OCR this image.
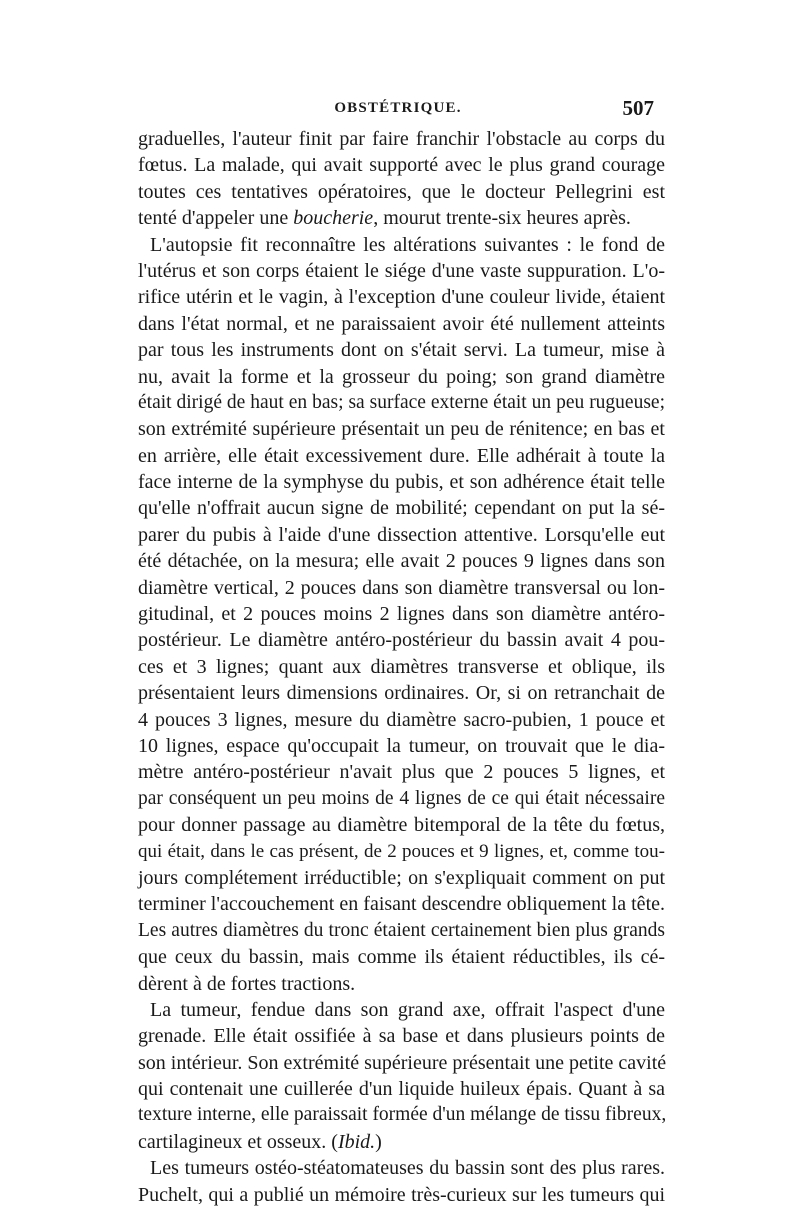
OBSTÉTRIQUE.	507
graduelles, l'auteur finit par faire franchir l'obstacle au corps du
fœtus. La malade, qui avait supporté avec le plus grand courage
toutes ces tentatives opératoires, que le docteur Pellegrini est
tenté d'appeler une boucherie, mourut trente-six heures après.
L'autopsie fit reconnaître les altérations suivantes : le fond de
l'utérus et son corps étaient le siége d'une vaste suppuration. L'o-
rifice utérin et le vagin, à l'exception d'une couleur livide, étaient
dans l'état normal, et ne paraissaient avoir été nullement atteints
par tous les instruments dont on s'était servi. La tumeur, mise à
nu, avait la forme et la grosseur du poing; son grand diamètre
était dirigé de haut en bas; sa surface externe était un peu rugueuse;
son extrémité supérieure présentait un peu de rénitence; en bas et
en arrière, elle était excessivement dure. Elle adhérait à toute la
face interne de la symphyse du pubis, et son adhérence était telle
qu'elle n'offrait aucun signe de mobilité; cependant on put la sé-
parer du pubis à l'aide d'une dissection attentive. Lorsqu'elle eut
été détachée, on la mesura; elle avait 2 pouces 9 lignes dans son
diamètre vertical, 2 pouces dans son diamètre transversal ou lon-
gitudinal, et 2 pouces moins 2 lignes dans son diamètre antéro-
postérieur. Le diamètre antéro-postérieur du bassin avait 4 pou-
ces et 3 lignes; quant aux diamètres transverse et oblique, ils
présentaient leurs dimensions ordinaires. Or, si on retranchait de
4 pouces 3 lignes, mesure du diamètre sacro-pubien, 1 pouce et
10 lignes, espace qu'occupait la tumeur, on trouvait que le dia-
mètre antéro-postérieur n'avait plus que 2 pouces 5 lignes, et
par conséquent un peu moins de 4 lignes de ce qui était nécessaire
pour donner passage au diamètre bitemporal de la tête du fœtus,
qui était, dans le cas présent, de 2 pouces et 9 lignes, et, comme tou-
jours complétement irréductible; on s'expliquait comment on put
terminer l'accouchement en faisant descendre obliquement la tête.
Les autres diamètres du tronc étaient certainement bien plus grands
que ceux du bassin, mais comme ils étaient réductibles, ils cé-
dèrent à de fortes tractions.
La tumeur, fendue dans son grand axe, offrait l'aspect d'une
grenade. Elle était ossifiée à sa base et dans plusieurs points de
son intérieur. Son extrémité supérieure présentait une petite cavité
qui contenait une cuillerée d'un liquide huileux épais. Quant à sa
texture interne, elle paraissait formée d'un mélange de tissu fibreux,
cartilagineux et osseux. (Ibid.)
Les tumeurs ostéo-stéatomateuses du bassin sont des plus rares.
Puchelt, qui a publié un mémoire très-curieux sur les tumeurs qui
